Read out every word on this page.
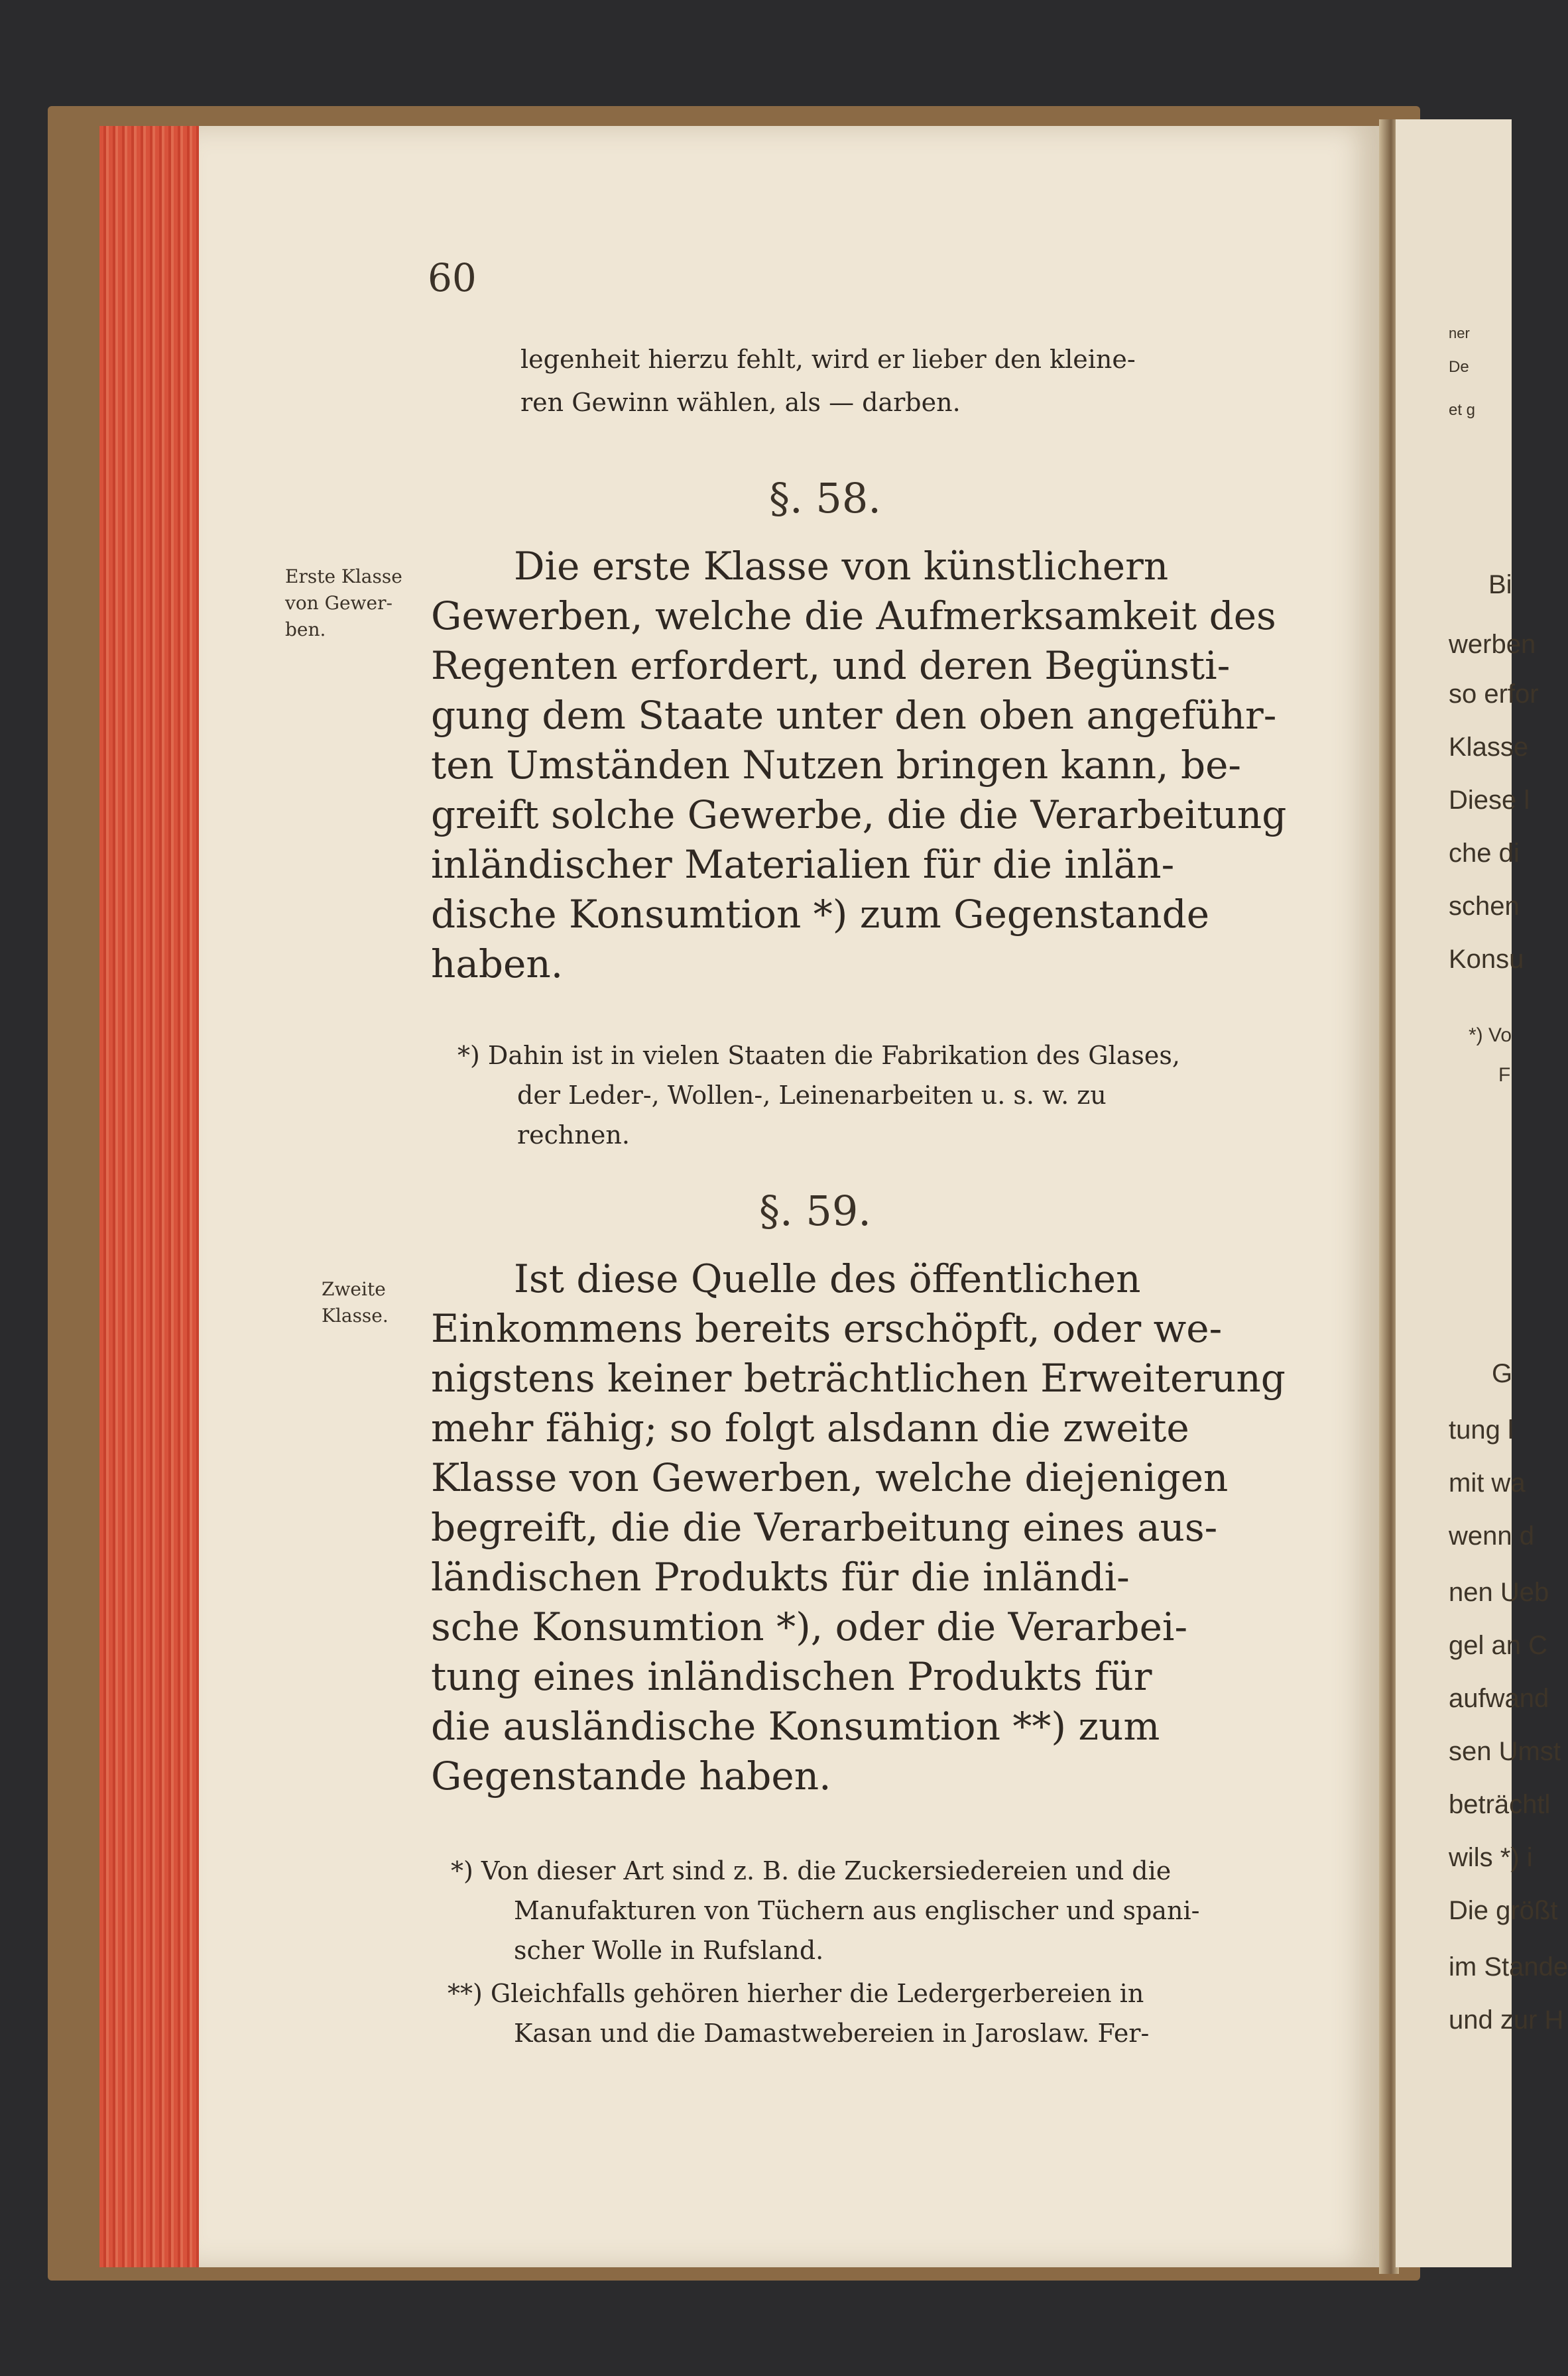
60
legenheit hierzu fehlt, wird er lieber den kleine-
ren Gewinn wählen, als — darben.
§. 58.
Erste Klasse
von Gewer-
ben.
Die erste Klasse von künstlichern
Gewerben, welche die Aufmerksamkeit des
Regenten erfordert, und deren Begünsti-
gung dem Staate unter den oben angeführ-
ten Umständen Nutzen bringen kann, be-
greift solche Gewerbe, die die Verarbeitung
inländischer Materialien für die inlän-
dische Konsumtion *) zum Gegenstande
haben.
*) Dahin ist in vielen Staaten die Fabrikation des Glases,
der Leder-, Wollen-, Leinenarbeiten u. s. w. zu
rechnen.
§. 59.
Zweite
Klasse.
Ist diese Quelle des öffentlichen
Einkommens bereits erschöpft, oder we-
nigstens keiner beträchtlichen Erweiterung
mehr fähig; so folgt alsdann die zweite
Klasse von Gewerben, welche diejenigen
begreift, die die Verarbeitung eines aus-
ländischen Produkts für die inländi-
sche Konsumtion *), oder die Verarbei-
tung eines inländischen Produkts für
die ausländische Konsumtion **) zum
Gegenstande haben.
*) Von dieser Art sind z. B. die Zuckersiedereien und die
Manufakturen von Tüchern aus englischer und spani-
scher Wolle in Rufsland.
**) Gleichfalls gehören hierher die Ledergerbereien in
Kasan und die Damastwebereien in Jaroslaw. Fer-
ner
De
et g
Bi
werben
so erfor
Klasse
Diese l
che di
schen
Konsu
*) Vo
F
G
tung l
mit wa
wenn d
nen Ueb
gel an C
aufwand
sen Umst
beträchtl
wils *) i
Die größt
im Stande
und zur H
